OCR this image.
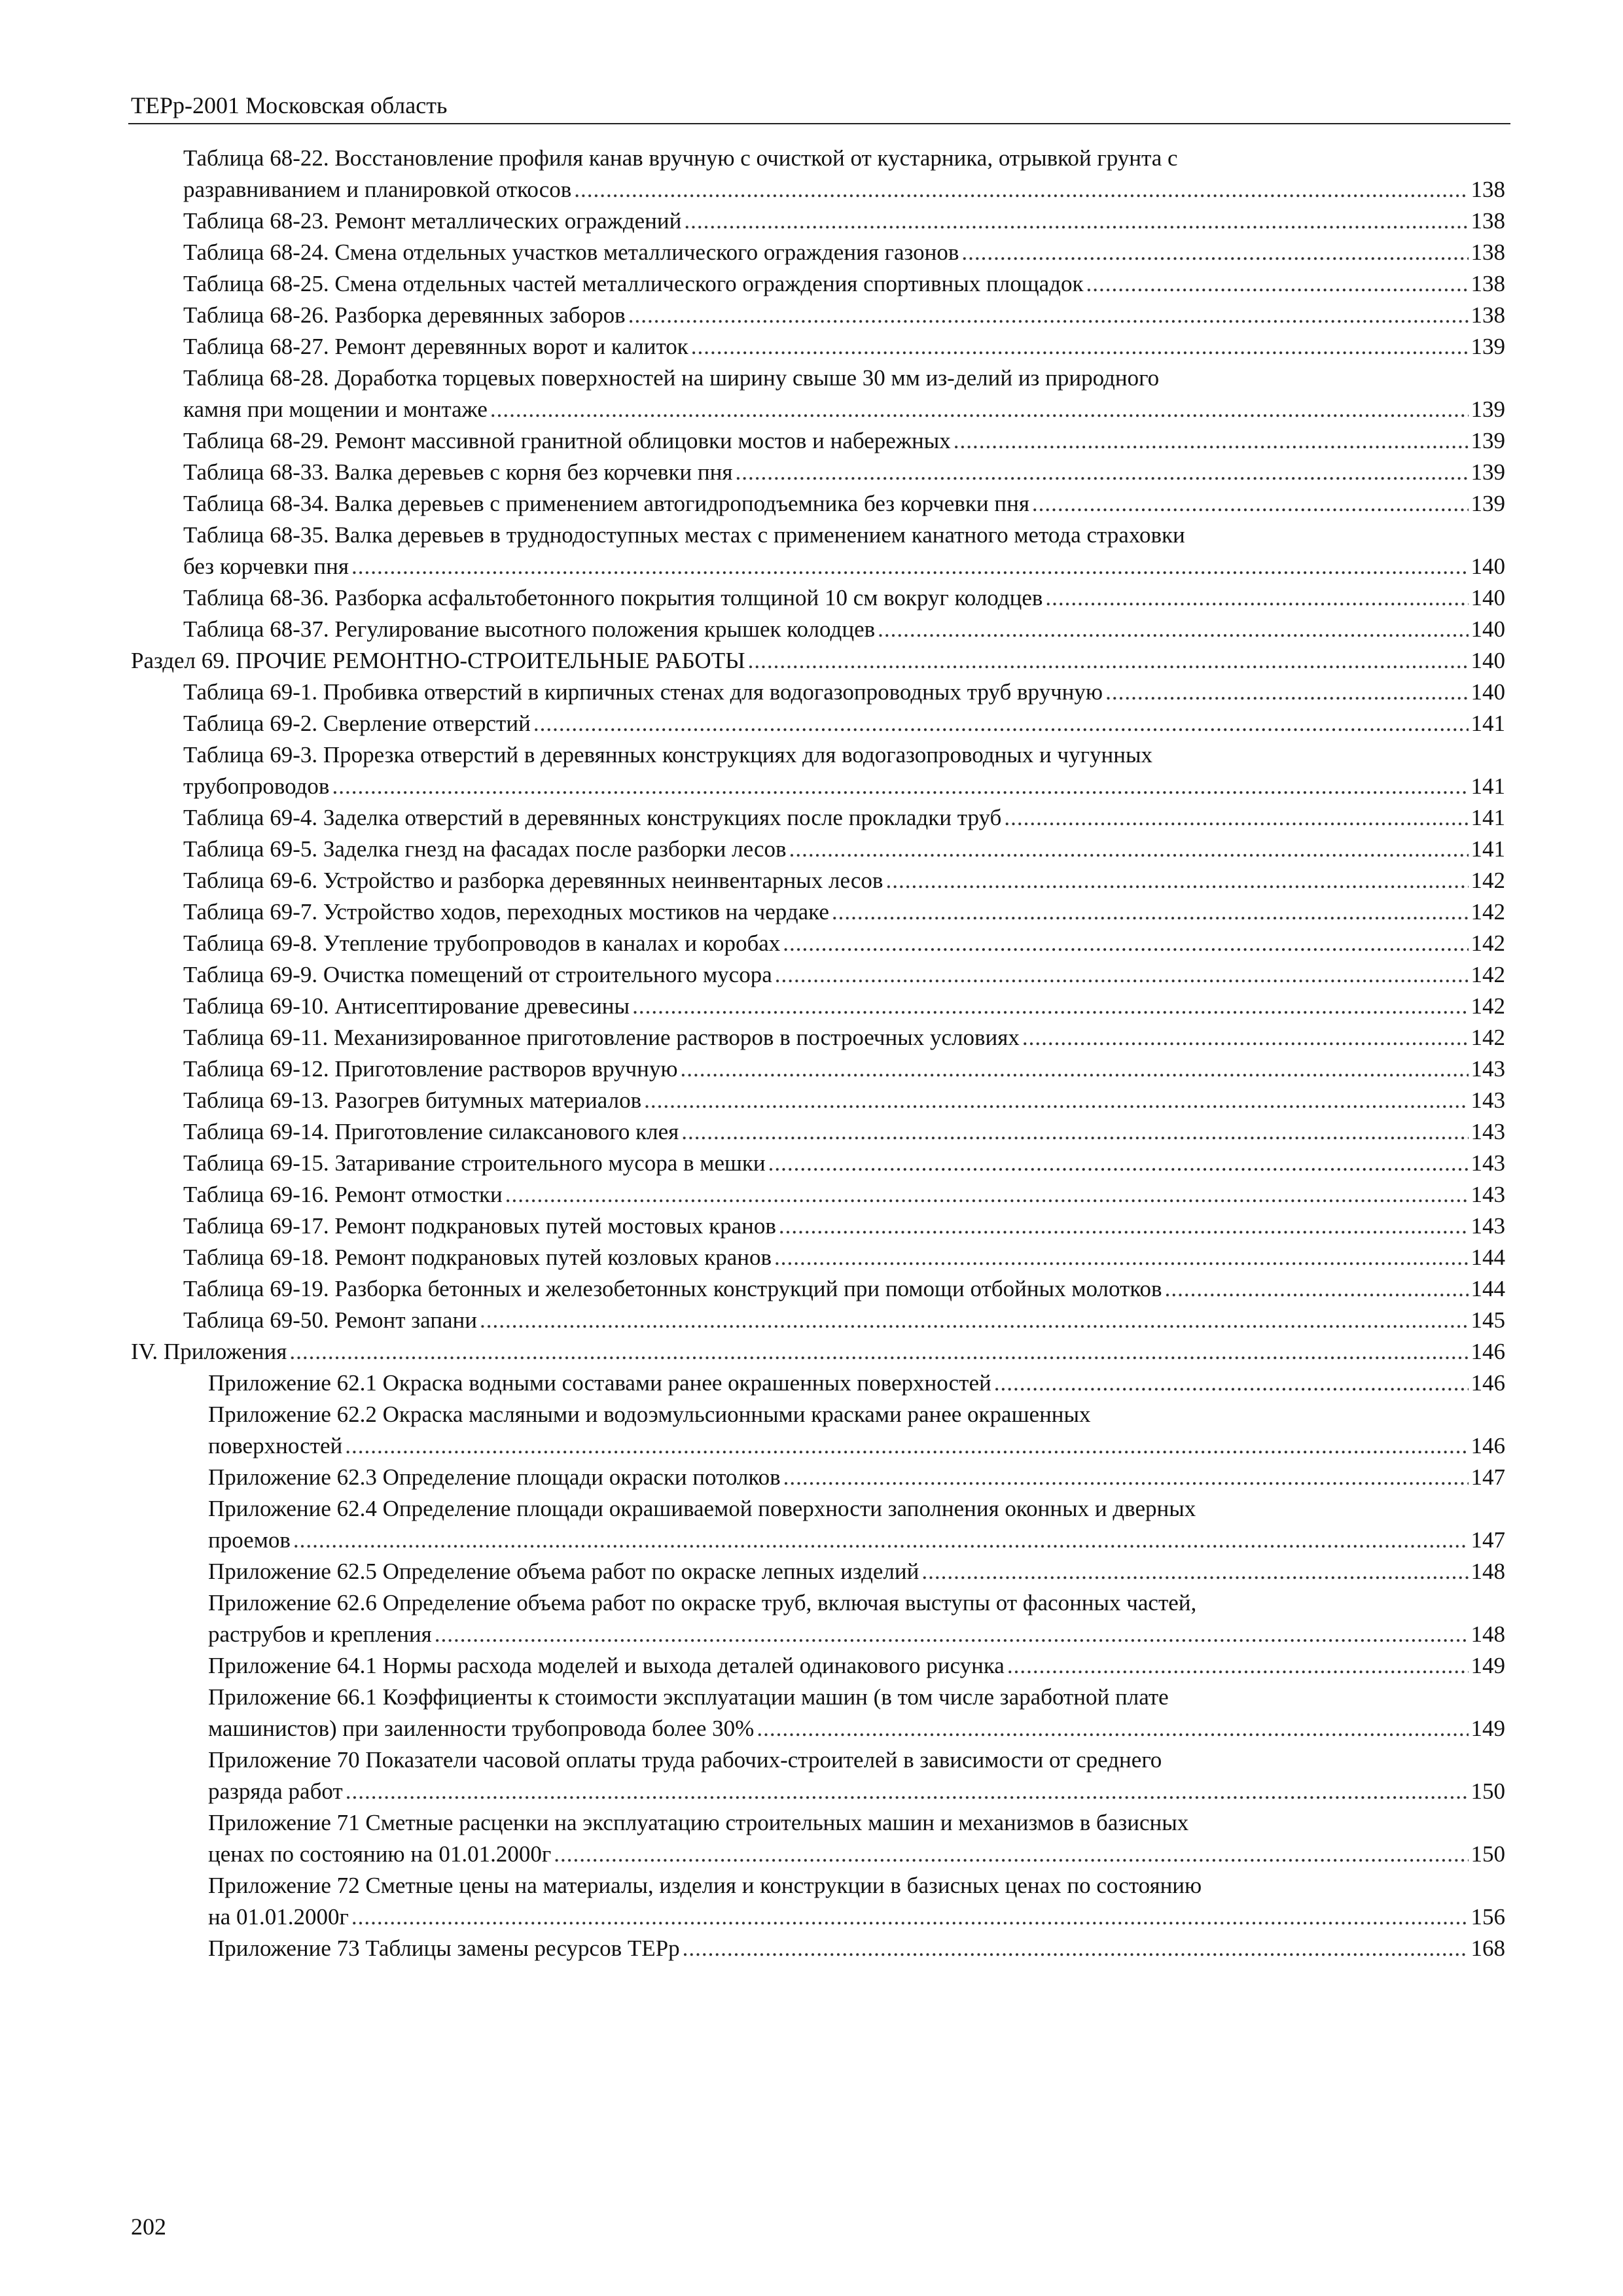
ТЕРр-2001 Московская область
Таблица 68-22. Восстановление профиля канав вручную с очисткой от кустарника, отрывкой грунта с
разравниванием и планировкой откосов .....	138
Таблица 68-23. Ремонт металлических ограждений .....	138
Таблица 68-24. Смена отдельных участков металлического ограждения газонов .....	138
Таблица 68-25. Смена отдельных частей металлического ограждения спортивных площадок .....	138
Таблица 68-26. Разборка деревянных заборов .....	138
Таблица 68-27. Ремонт деревянных ворот и калиток .....	139
Таблица 68-28. Доработка торцевых поверхностей на ширину свыше 30 мм из-делий из природного
камня при мощении и монтаже .....	139
Таблица 68-29. Ремонт массивной гранитной облицовки мостов и набережных .....	139
Таблица 68-33. Валка деревьев с корня без корчевки пня .....	139
Таблица 68-34. Валка деревьев с применением автогидроподъемника без корчевки пня .....	139
Таблица 68-35. Валка деревьев в труднодоступных местах с применением канатного метода страховки
без корчевки пня .....	140
Таблица 68-36. Разборка асфальтобетонного покрытия толщиной 10 см вокруг колодцев .....	140
Таблица 68-37. Регулирование высотного положения крышек колодцев .....	140
Раздел 69. ПРОЧИЕ РЕМОНТНО-СТРОИТЕЛЬНЫЕ РАБОТЫ .....	140
Таблица 69-1. Пробивка отверстий в кирпичных стенах для водогазопроводных труб вручную .....	140
Таблица 69-2. Сверление отверстий .....	141
Таблица 69-3. Прорезка отверстий в деревянных конструкциях для водогазопроводных и чугунных
трубопроводов .....	141
Таблица 69-4. Заделка отверстий в деревянных конструкциях после прокладки труб .....	141
Таблица 69-5. Заделка гнезд на фасадах после разборки лесов .....	141
Таблица 69-6. Устройство и разборка деревянных неинвентарных лесов .....	142
Таблица 69-7. Устройство ходов, переходных мостиков на чердаке .....	142
Таблица 69-8. Утепление трубопроводов в каналах и коробах .....	142
Таблица 69-9. Очистка помещений от строительного мусора .....	142
Таблица 69-10. Антисептирование древесины .....	142
Таблица 69-11. Механизированное приготовление растворов в построечных условиях .....	142
Таблица 69-12. Приготовление растворов вручную .....	143
Таблица 69-13. Разогрев битумных материалов .....	143
Таблица 69-14. Приготовление силаксанового клея .....	143
Таблица 69-15. Затаривание строительного мусора в мешки .....	143
Таблица 69-16. Ремонт отмостки .....	143
Таблица 69-17. Ремонт подкрановых путей мостовых кранов .....	143
Таблица 69-18. Ремонт подкрановых путей козловых кранов .....	144
Таблица 69-19. Разборка бетонных и железобетонных конструкций при помощи отбойных молотков .....	144
Таблица 69-50. Ремонт запани .....	145
IV. Приложения .....	146
Приложение 62.1 Окраска водными составами ранее окрашенных поверхностей .....	146
Приложение 62.2 Окраска масляными и водоэмульсионными красками ранее окрашенных
поверхностей .....	146
Приложение 62.3 Определение площади окраски потолков .....	147
Приложение 62.4 Определение площади окрашиваемой поверхности заполнения оконных и дверных
проемов .....	147
Приложение 62.5 Определение объема работ по окраске лепных изделий .....	148
Приложение 62.6 Определение объема работ по окраске труб, включая выступы от фасонных частей,
раструбов и крепления .....	148
Приложение 64.1 Нормы расхода моделей и выхода деталей одинакового рисунка .....	149
Приложение 66.1 Коэффициенты к стоимости эксплуатации машин (в том числе заработной плате
машинистов) при заиленности трубопровода более 30% .....	149
Приложение 70 Показатели часовой оплаты труда рабочих-строителей в зависимости от среднего
разряда работ .....	150
Приложение 71 Сметные расценки на эксплуатацию строительных машин и механизмов в базисных
ценах по состоянию на 01.01.2000г .....	150
Приложение 72 Сметные цены на материалы, изделия и конструкции в базисных ценах по состоянию
на 01.01.2000г .....	156
Приложение 73 Таблицы замены ресурсов ТЕРр .....	168
202
